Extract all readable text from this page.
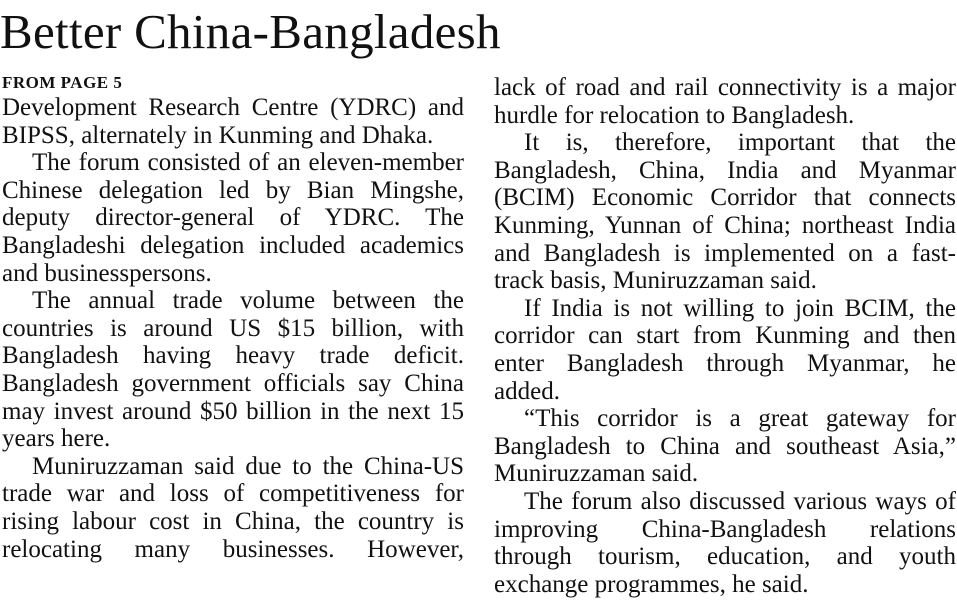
Better China-Bangladesh
FROM PAGE 5

Development Research Centre (YDRC) and BIPSS, alternately in Kunming and Dhaka.

The forum consisted of an eleven-member Chinese delegation led by Bian Mingshe, deputy director-general of YDRC. The Bangladeshi delegation included academics and businesspersons.

The annual trade volume between the countries is around US $15 billion, with Bangladesh having heavy trade deficit. Bangladesh government officials say China may invest around $50 billion in the next 15 years here.

Muniruzzaman said due to the China-US trade war and loss of competitiveness for rising labour cost in China, the country is relocating many businesses. However,

lack of road and rail connectivity is a major hurdle for relocation to Bangladesh.

It is, therefore, important that the Bangladesh, China, India and Myanmar (BCIM) Economic Corridor that connects Kunming, Yunnan of China; northeast India and Bangladesh is implemented on a fast-track basis, Muniruzzaman said.

If India is not willing to join BCIM, the corridor can start from Kunming and then enter Bangladesh through Myanmar, he added.

“This corridor is a great gateway for Bangladesh to China and southeast Asia,” Muniruzzaman said.

The forum also discussed various ways of improving China-Bangladesh relations through tourism, education, and youth exchange programmes, he said.
